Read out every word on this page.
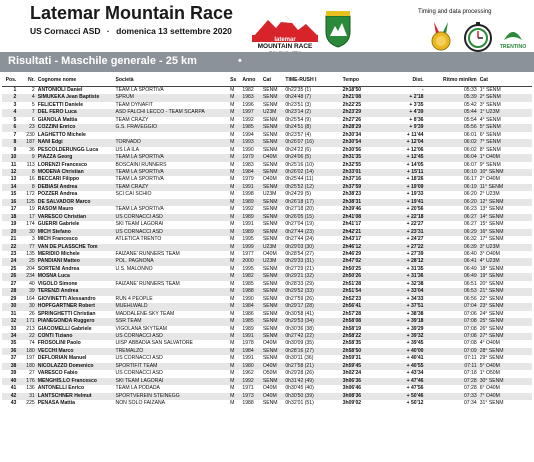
Latemar Mountain Race
US Cornacci ASD · domenica 13 settembre 2020
latemar
MOUNTAIN RACE
Timing and data processing
TRENTINO
Risultati - Maschile generale - 25 km	•
Pos.	Nr.	Cognome nome	Società	Ss	Anno	Cat	TIME-RUSH I	Tempo	Dist.	Ritmo min/km	Cat
1	2	ANTONIOLI Daniel	TEAM LA SPORTIVA	M	1982	SENM	0h22'35 (1)	2h18'50	-	05:33	1° SENM
2	4	SIMUKEKA Jean Baptiste	SPRUM	M	1983	SENM	0h24'48 (7)	2h21'08	+ 2'18	05:39	2° SENM
3	5	FELICETTI Daniele	TEAM DYNAFIT	M	1996	SENM	0h23'51 (3)	2h22'25	+ 3'35	05:42	3° SENM
4	7	DEL FERO Luca	ASD FALCHI LECCO - TEAM SCARPA	M	1997	U23M	0h23'14 (2)	2h23'29	+ 4'39	05:44	1° U23M
5	6	GIANOLA Mattia	TEAM CRAZY	M	1992	SENM	0h25'54 (9)	2h27'26	+ 8'36	05:54	4° SENM
6	23	COZZINI Enrico	G.S. FRAVEGGIO	M	1985	SENM	0h24'51 (8)	2h28'29	+ 9'39	05:56	5° SENM
7	230	LAGHETTO Michele		M	1994	SENM	0h23'57 (4)	2h30'34	+ 11'44	06:01	6° SENM
8	187	NANI Edgi	TORNADO	M	1993	SENM	0h26'07 (16)	2h30'54	+ 12'04	06:02	7° SENM
9	36	PESCOLDERUNGG Luca	US LA ILA	M	1990	SENM	0h24'22 (6)	2h30'56	+ 12'06	06:02	8° SENM
10	9	PIAZZA Georg	TEAM LA SPORTIVA	M	1979	O40M	0h24'06 (5)	2h31'35	+ 12'45	06:04	1° O40M
11	113	LORENZI Francesco	BOSCAINI RUNNERS	M	1983	SENM	0h25'16 (10)	2h32'55	+ 14'05	06:07	9° SENM
12	8	MODENA Christian	TEAM LA SPORTIVA	M	1984	SENM	0h26'02 (14)	2h33'01	+ 15'11	06:10	10° SENM
13	16	BECCARI Filippo	TEAM LA SPORTIVA	M	1979	O40M	0h25'44 (11)	2h37'16	+ 18'26	06:17	2° O40M
14	8	DEBIASI Andrea	TEAM CRAZY	M	1991	SENM	0h25'52 (12)	2h37'59	+ 19'09	06:19	11° SENM
15	172	POZZER Andrea	SCI CAI SCHIO	M	1998	U23M	0h24'29 (5)	2h38'23	+ 19'33	06:20	2° U23M
16	125	DE SALVADOR Marco		M	1989	SENM	0h26'18 (17)	2h38'31	+ 19'41	06:20	12° SENM
17	19	RASOM Mauro	TEAM LA SPORTIVA	M	1992	SENM	0h27'18 (20)	2h39'46	+ 20'56	06:23	13° SENM
18	17	VARESCO Christian	US CORNACCI ASD	M	1989	SENM	0h26'05 (15)	2h41'08	+ 22'18	06:27	14° SENM
19	174	GUERRI Gabriele	SKI TEAM LAGORAI	M	1991	SENM	0h27'04 (19)	2h41'17	+ 22'27	06:27	15° SENM
20	30	MICH Stefano	US CORNACCI ASD	M	1989	SENM	0h27'44 (23)	2h42'21	+ 23'31	06:29	16° SENM
21	3	MICH Francesco	ATLETICA TRENTO	M	1995	SENM	0h27'44 (24)	2h43'17	+ 24'27	06:32	17° SENM
22	77	VAN DE PLASSCHE Tom		M	1999	U23M	0h29'03 (30)	2h46'12	+ 27'22	06:39	3° U23M
23	135	MERIDIO Michele	FAIZANE' RUNNERS TEAM	M	1977	O40M	0h28'54 (27)	2h46'29	+ 27'39	06:40	3° O40M
24	25	PANDIANI Matteo	POL. PAGNONA	M	2000	U23M	0h29'33 (31)	2h47'02	+ 28'12	06:41	4° U23M
25	204	SORTENI Andrea	U.S. MALONNO	M	1995	SENM	0h27'29 (21)	2h50'25	+ 31'35	06:49	18° SENM
26	234	MOSNA Luca		M	1982	SENM	0h29'21 (32)	2h50'26	+ 31'36	06:49	19° SENM
27	40	VIGOLO Simone	FAIZANE' RUNNERS TEAM	M	1985	SENM	0h28'33 (29)	2h51'28	+ 32'38	06:51	20° SENM
28	39	TERENZI Andrea		M	1988	SENM	0h29'52 (33)	2h51'54	+ 33'04	06:53	21° SENM
29	164	GIOVINETTI Alessandro	RUN 4 PEOPLE	M	1990	SENM	0h27'59 (26)	2h52'23	+ 34'33	06:56	22° SENM
30	30	HOPFGARTNER Robert	MUEHLWALD	M	1984	SENM	0h29'17 (28)	2h56'41	+ 37'51	07:04	23° SENM
31	26	SPRINGHETTI Christian	MADDALENE SKY TEAM	M	1986	SENM	0h30'58 (41)	2h57'28	+ 38'38	07:06	24° SENM
32	171	PIANEGONDA Ruggero	SSR TEAM	M	1985	SENM	0h29'53 (34)	2h58'08	+ 39'18	07:08	25° SENM
33	213	GIACOMELLI Gabriele	VIGOLANA SKYTEAM	M	1989	SENM	0h30'36 (38)	2h58'19	+ 39'29	07:08	26° SENM
34	22	CONTI Tiziano	US CORNACCI ASD	M	1991	SENM	0h27'42 (22)	2h58'22	+ 39'32	07:08	27° SENM
35	74	FROSOLINI Paolo	UISP ABBADIA SAN SALVATORE	M	1978	O40M	0h30'09 (35)	2h58'35	+ 39'45	07:08	4° O40M
36	180	VECCHI Marco	TREMALZO	M	1984	SENM	0h28'16 (27)	2h58'50	+ 40'00	07:09	28° SENM
37	197	DEFLORIAN Manuel	US CORNACCI ASD	M	1991	SENM	0h30'11 (36)	2h59'31	+ 40'41	07:11	29° SENM
38	180	NICOLAZZO Domenico	SPORTIFIT TEAM	M	1980	O40M	0h27'58 (21)	2h59'45	+ 40'55	07:11	5° O40M
39	27	VARESCO Fabio	US CORNACCI ASD	M	1962	O50M	0h29'28 (26)	3h02'24	+ 43'34	07:18	1° O50M
40	176	MENGHIS.LO Francesco	SKI TEAM LAGORAI	M	1992	SENM	0h31'42 (49)	3h06'36	+ 47'46	07:28	30° SENM
41	136	ANTONELLI Enrico	TEAM LA PODADA	M	1971	O40M	0h30'45 (40)	3h06'46	+ 47'56	07:28	6° O40M
42	31	LANTSCHNER Helmut	SPORTVEREIN STEINEGG	M	1973	O40M	0h30'50 (39)	3h08'36	+ 50'46	07:33	7° O40M
43	225	PENASA Mattia	NON SOLO FAIZANA	M	1988	SENM	0h32'01 (51)	3h09'02	+ 50'12	07:34	31° SENM
